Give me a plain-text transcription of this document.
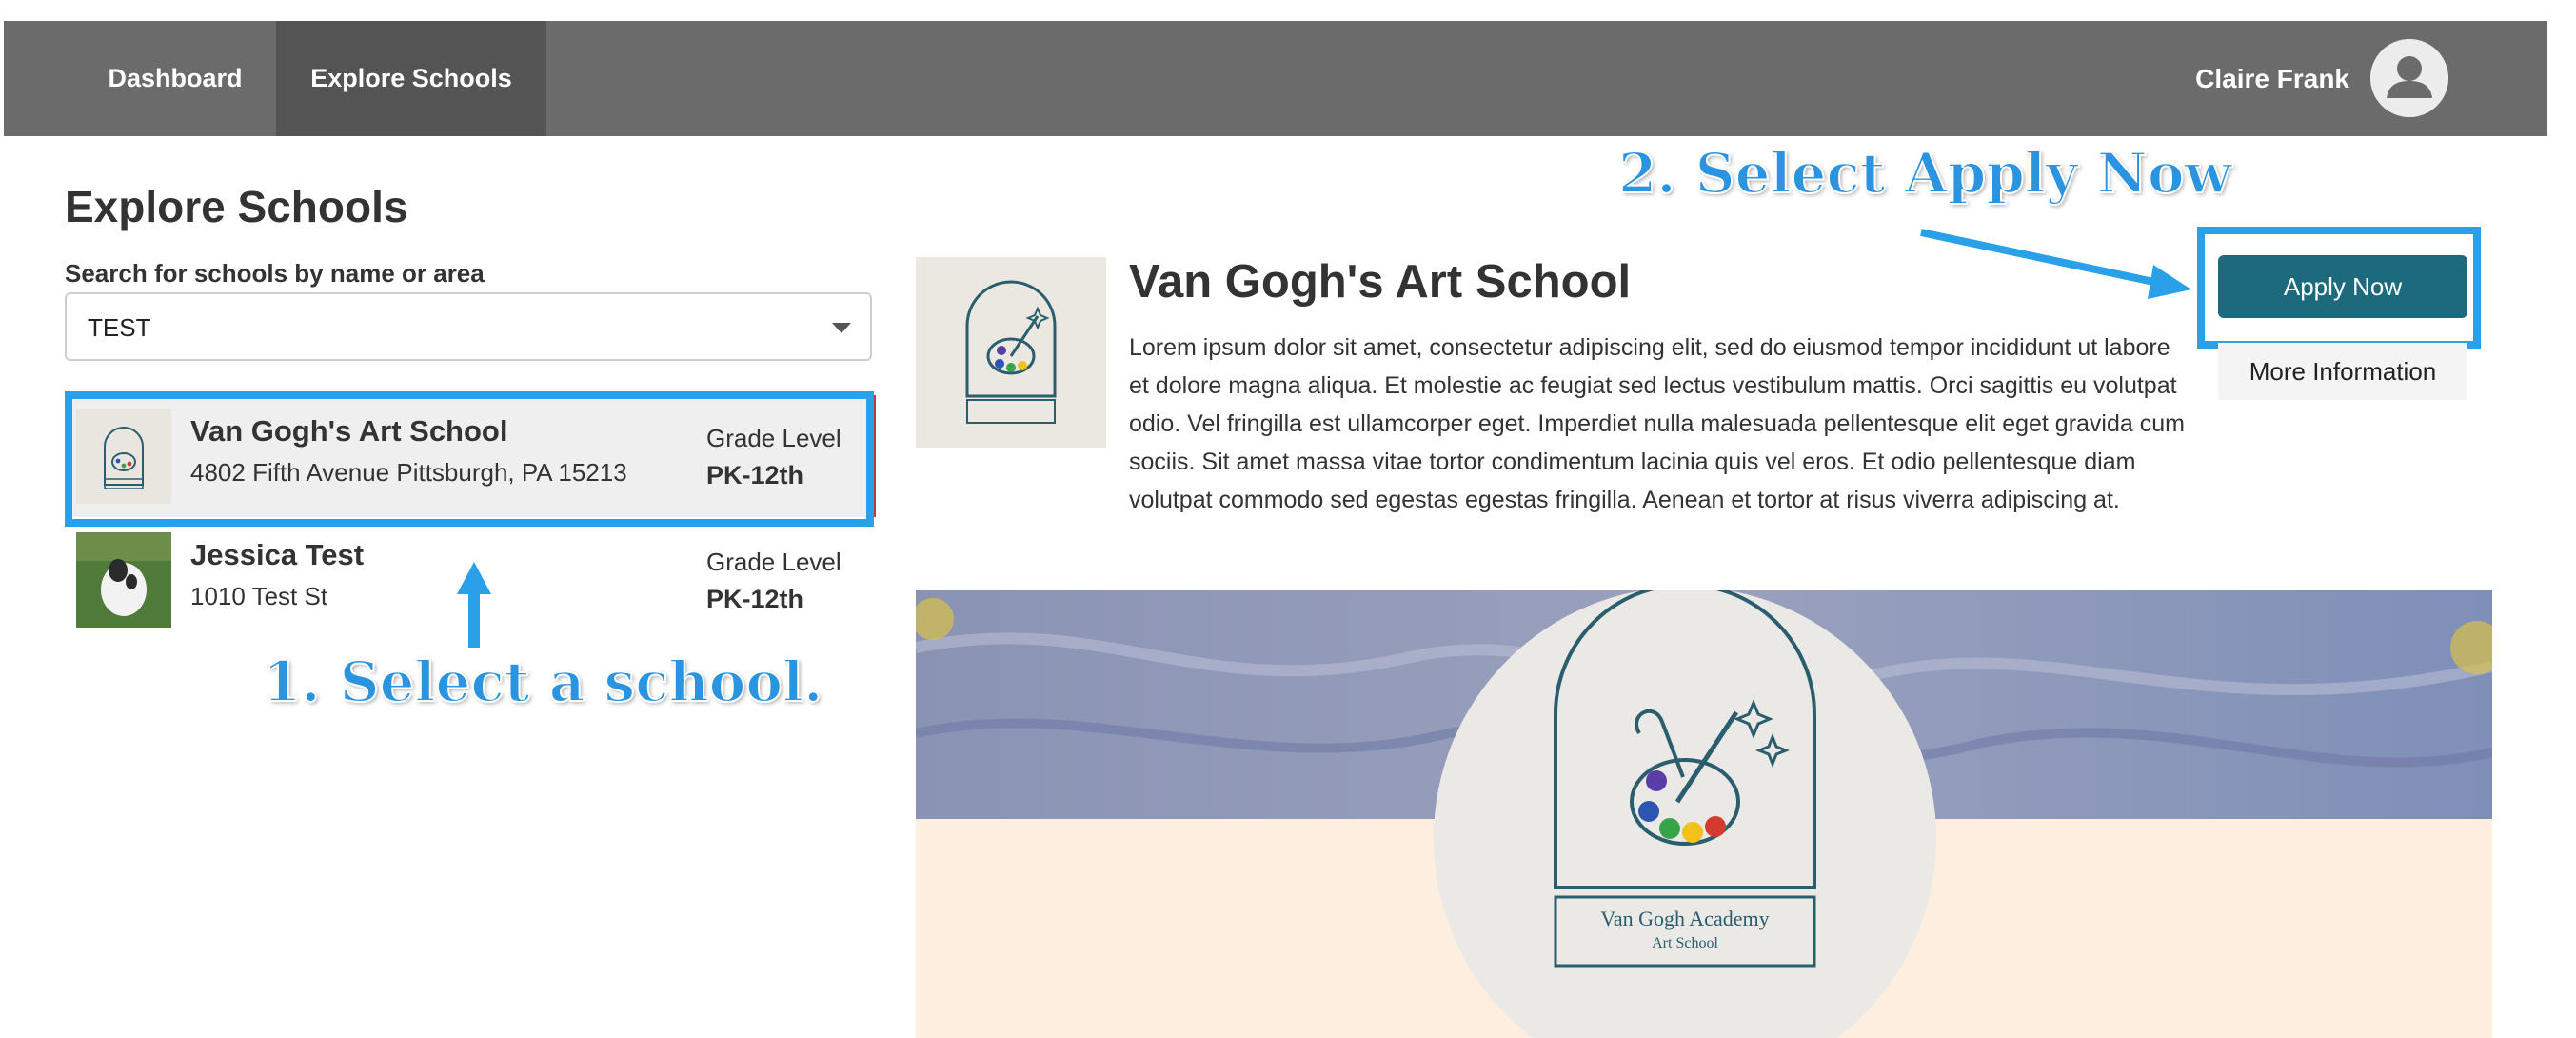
Dashboard	Explore Schools	Claire Frank
Explore Schools
Search for schools by name or area
TEST
Van Gogh's Art School
4802 Fifth Avenue Pittsburgh, PA 15213
Grade Level
PK-12th
Jessica Test
1010 Test St
Grade Level
PK-12th
1. Select a school.
Van Gogh's Art School
Lorem ipsum dolor sit amet, consectetur adipiscing elit, sed do eiusmod tempor incididunt ut labore et dolore magna aliqua. Et molestie ac feugiat sed lectus vestibulum mattis. Orci sagittis eu volutpat odio. Vel fringilla est ullamcorper eget. Imperdiet nulla malesuada pellentesque elit eget gravida cum sociis. Sit amet massa vitae tortor condimentum lacinia quis vel eros. Et odio pellentesque diam volutpat commodo sed egestas egestas fringilla. Aenean et tortor at risus viverra adipiscing at.
Apply Now
More Information
2. Select Apply Now
Van Gogh Academy
Art School
